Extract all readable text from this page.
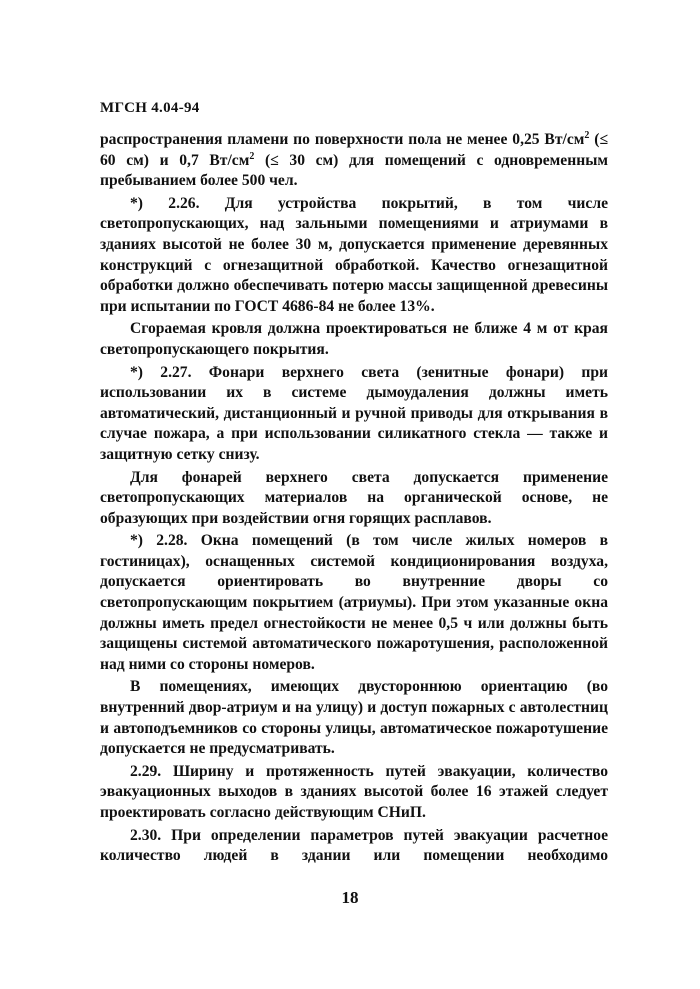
МГСН 4.04-94

распространения пламени по поверхности пола не менее 0,25 $Вт/см^2$ (≤ 60 см) и 0,7 $Вт/см^2$ (≤ 30 см) для помещений с одновременным пребыванием более 500 чел.

*) 2.26. Для устройства покрытий, в том числе светопропускающих, над зальными помещениями и атриумами в зданиях высотой не более 30 м, допускается применение деревянных конструкций с огнезащитной обработкой. Качество огнезащитной обработки должно обеспечивать потерю массы защищенной древесины при испытании по ГОСТ 4686-84 не более 13%.

Сгораемая кровля должна проектироваться не ближе 4 м от края светопропускающего покрытия.

*) 2.27. Фонари верхнего света (зенитные фонари) при использовании их в системе дымоудаления должны иметь автоматический, дистанционный и ручной приводы для открывания в случае пожара, а при использовании силикатного стекла — также и защитную сетку снизу.

Для фонарей верхнего света допускается применение светопропускающих материалов на органической основе, не образующих при воздействии огня горящих расплавов.

*) 2.28. Окна помещений (в том числе жилых номеров в гостиницах), оснащенных системой кондиционирования воздуха, допускается ориентировать во внутренние дворы со светопропускающим покрытием (атриумы). При этом указанные окна должны иметь предел огнестойкости не менее 0,5 ч или должны быть защищены системой автоматического пожаротушения, расположенной над ними со стороны номеров.

В помещениях, имеющих двустороннюю ориентацию (во внутренний двор-атриум и на улицу) и доступ пожарных с автолестниц и автоподъемников со стороны улицы, автоматическое пожаротушение допускается не предусматривать.

2.29. Ширину и протяженность путей эвакуации, количество эвакуационных выходов в зданиях высотой более 16 этажей следует проектировать согласно действующим СНиП.

2.30. При определении параметров путей эвакуации расчетное количество людей в здании или помещении необходимо

18
